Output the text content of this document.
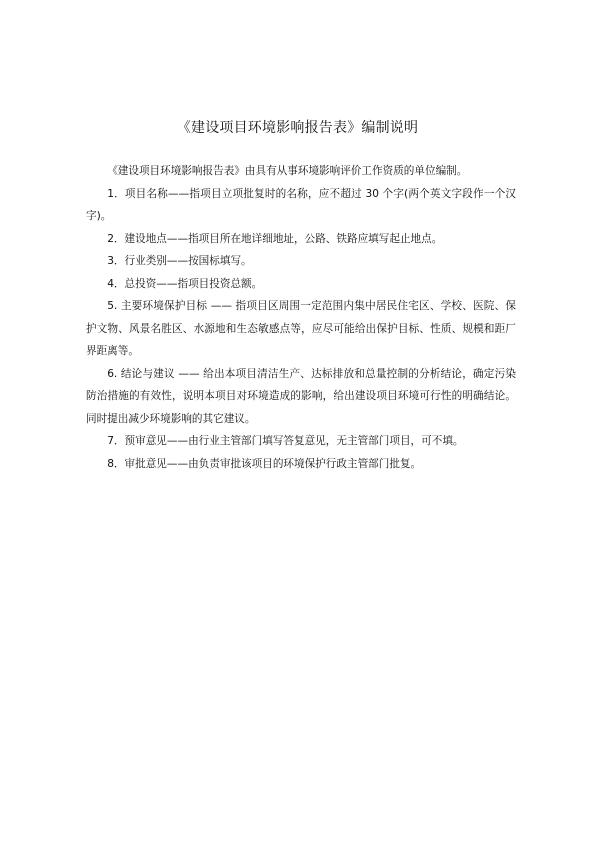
《建设项目环境影响报告表》编制说明

《建设项目环境影响报告表》由具有从事环境影响评价工作资质的单位编制。

1．项目名称——指项目立项批复时的名称，应不超过 30 个字(两个英文字段作一个汉字)。

2．建设地点——指项目所在地详细地址，公路、铁路应填写起止地点。

3．行业类别——按国标填写。

4．总投资——指项目投资总额。

5. 主要环境保护目标 —— 指项目区周围一定范围内集中居民住宅区、学校、医院、保护文物、风景名胜区、水源地和生态敏感点等，应尽可能给出保护目标、性质、规模和距厂界距离等。

6. 结论与建议 —— 给出本项目清洁生产、达标排放和总量控制的分析结论，确定污染防治措施的有效性，说明本项目对环境造成的影响，给出建设项目环境可行性的明确结论。同时提出减少环境影响的其它建议。

7．预审意见——由行业主管部门填写答复意见，无主管部门项目，可不填。

8．审批意见——由负责审批该项目的环境保护行政主管部门批复。
